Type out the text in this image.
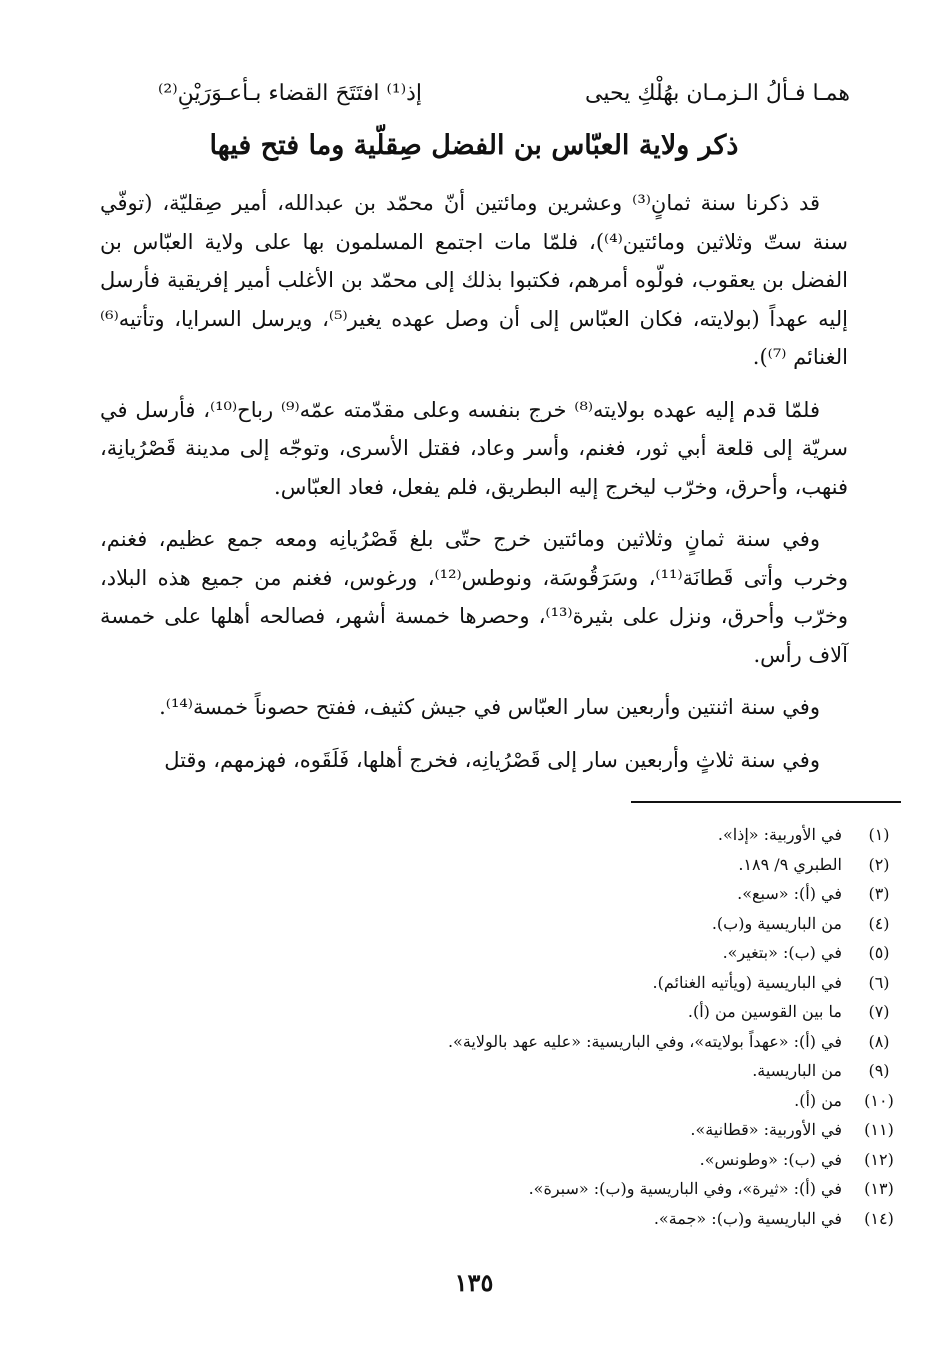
همـا فـألُ الـزمـان بهُلْكِ يحيى
إذ⁽¹⁾ افتَتَحَ القضاء بـأعـوَرَيْنِ⁽²⁾
ذكر ولاية العبّاس بن الفضل صِقلّية وما فتح فيها

قد ذكرنا سنة ثمانٍ⁽³⁾ وعشرين ومائتين أنّ محمّد بن عبدالله، أمير صِقليّة، (توفّي سنة ستّ وثلاثين ومائتين⁽⁴⁾)، فلمّا مات اجتمع المسلمون بها على ولاية العبّاس بن الفضل بن يعقوب، فولّوه أمرهم، فكتبوا بذلك إلى محمّد بن الأغلب أمير إفريقية فأرسل إليه عهداً (بولايته، فكان العبّاس إلى أن وصل عهده يغير⁽⁵⁾، ويرسل السرايا، وتأتيه⁽⁶⁾ الغنائم ⁽⁷⁾).

فلمّا قدم إليه عهده بولايته⁽⁸⁾ خرج بنفسه وعلى مقدّمته عمّه⁽⁹⁾ رباح⁽¹⁰⁾، فأرسل في سريّة إلى قلعة أبي ثور، فغنم، وأسر وعاد، فقتل الأسرى، وتوجّه إلى مدينة قَصْرُيانِة، فنهب، وأحرق، وخرّب ليخرج إليه البطريق، فلم يفعل، فعاد العبّاس.

وفي سنة ثمانٍ وثلاثين ومائتين خرج حتّى بلغ قَصْرُيانِه ومعه جمع عظيم، فغنم، وخرب وأتى قَطانَة⁽¹¹⁾، وسَرَقُوسَة، ونوطس⁽¹²⁾، ورغوس، فغنم من جميع هذه البلاد، وخرّب وأحرق، ونزل على بثيرة⁽¹³⁾، وحصرها خمسة أشهر، فصالحه أهلها على خمسة آلاف رأس.

وفي سنة اثنتين وأربعين سار العبّاس في جيش كثيف، ففتح حصوناً خمسة⁽¹⁴⁾.

وفي سنة ثلاثٍ وأربعين سار إلى قَصْرُيانِه، فخرج أهلها، فَلَقَوه، فهزمهم، وقتل

(١)في الأوربية: «إذا».
(٢)الطبري ٩/ ١٨٩.
(٣)في (أ): «سبع».
(٤)من الباريسية و(ب).
(٥)في (ب): «بتغير».
(٦)في الباريسية (ويأتيه الغنائم).
(٧)ما بين القوسين من (أ).
(٨)في (أ): «عهداً بولايته»، وفي الباريسية: «عليه عهد بالولاية».
(٩)من الباريسية.
(١٠)من (أ).
(١١)في الأوربية: «قطانية».
(١٢)في (ب): «وطونس».
(١٣)في (أ): «ثيرة»، وفي الباريسية و(ب): «سبرة».
(١٤)في الباريسية و(ب): «جمة».
١٣٥
